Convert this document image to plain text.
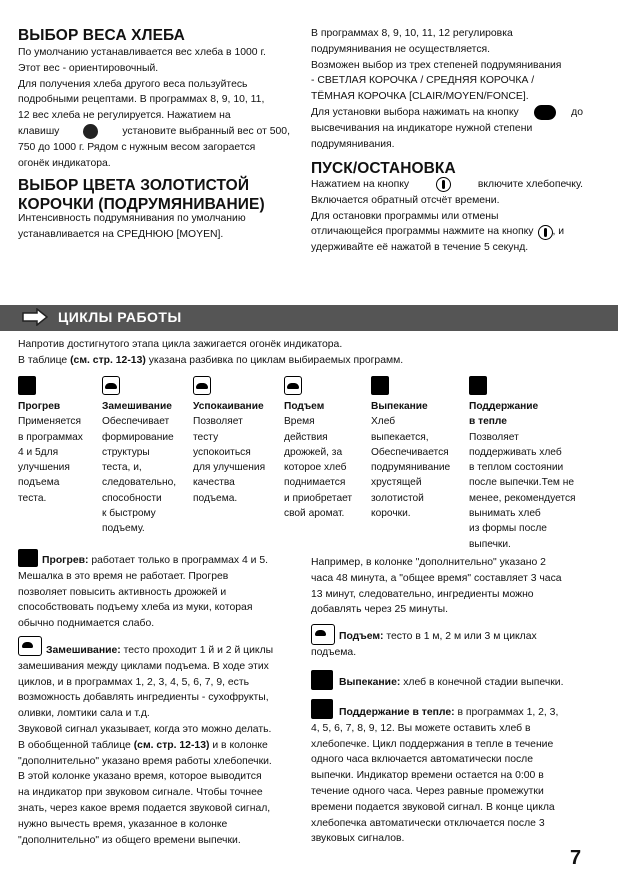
ВЫБОР ВЕСА ХЛЕБА
По умолчанию устанавливается вес хлеба в 1000 г.
Этот вес - ориентировочный.
Для получения хлеба другого веса пользуйтесь
подробными рецептами. В программах 8, 9, 10, 11,
12 вес хлеба не регулируется. Нажатием на
клавишу	установите выбранный вес от 500,
750 до 1000 г. Рядом с нужным весом загорается
огонёк индикатора.
ВЫБОР ЦВЕТА ЗОЛОТИСТОЙ
КОРОЧКИ (ПОДРУМЯНИВАНИЕ)
Интенсивность подрумянивания по умолчанию
устанавливается на СРЕДНЮЮ [MOYEN].
В программах 8, 9, 10, 11, 12 регулировка
подрумянивания не осуществляется.
Возможен выбор из трех степеней подрумянивания
- СВЕТЛАЯ КОРОЧКА / СРЕДНЯЯ КОРОЧКА /
ТЁМНАЯ КОРОЧКА [CLAIR/MOYEN/FONCE].
Для установки выбора нажимать на кнопку	до
высвечивания на индикаторе нужной степени
подрумянивания.
ПУСК/ОСТАНОВКА
Нажатием на кнопку	включите хлебопечку.
Включается обратный отсчёт времени.
Для остановки программы или отмены
отличающейся программы нажмите на кнопку , и
удерживайте её нажатой в течение 5 секунд.
ЦИКЛЫ РАБОТЫ
Напротив достигнутого этапа цикла зажигается огонёк индикатора.
В таблице (см. стр. 12-13) указана разбивка по циклам выбираемых программ.
Прогрев
Применяется
в программах
4 и 5для
улучшения
подъема
теста.
Замешивание
Обеспечивает
формирование
структуры
теста, и,
следовательно,
способности
к быстрому
подъему.
Успокаивание
Позволяет
тесту
успокоиться
для улучшения
качества
подъема.
Подъем
Время
действия
дрожжей, за
которое хлеб
поднимается
и приобретает
свой аромат.
Выпекание
Хлеб
выпекается,
Обеспечивается
подрумянивание
хрустящей
золотистой
корочки.
Поддержание
в тепле
Позволяет
поддерживать хлеб
в теплом состоянии
после выпечки.Тем не
менее, рекомендуется
вынимать хлеб
из формы после
выпечки.
Прогрев: работает только в программах 4 и 5.
Мешалка в это время не работает. Прогрев
позволяет повысить активность дрожжей и
способствовать подъему хлеба из муки, которая
обычно поднимается слабо.
Замешивание: тесто проходит 1 й и 2 й циклы
замешивания между циклами подъема. В ходе этих
циклов, и в программах 1, 2, 3, 4, 5, 6, 7, 9, есть
возможность добавлять ингредиенты - сухофрукты,
оливки, ломтики сала и т.д.
Звуковой сигнал указывает, когда это можно делать.
В обобщенной таблице (см. стр. 12-13) и в колонке
"дополнительно" указано время работы хлебопечки.
В этой колонке указано время, которое выводится
на индикатор при звуковом сигнале. Чтобы точнее
знать, через какое время подается звуковой сигнал,
нужно вычесть время, указанное в колонке
"дополнительно" из общего времени выпечки.
Например, в колонке "дополнительно" указано 2
часа 48 минута, а "общее время" составляет 3 часа
13 минут, следовательно, ингредиенты можно
добавлять через 25 минуты.
Подъем: тесто в 1 м, 2 м или 3 м циклах
подъема.
Выпекание: хлеб в конечной стадии выпечки.
Поддержание в тепле: в программах 1, 2, 3,
4, 5, 6, 7, 8, 9, 12. Вы можете оставить хлеб в
хлебопечке. Цикл поддержания в тепле в течение
одного часа включается автоматически после
выпечки. Индикатор времени остается на 0:00 в
течение одного часа. Через равные промежутки
времени подается звуковой сигнал. В конце цикла
хлебопечка автоматически отключается после 3
звуковых сигналов.
7
